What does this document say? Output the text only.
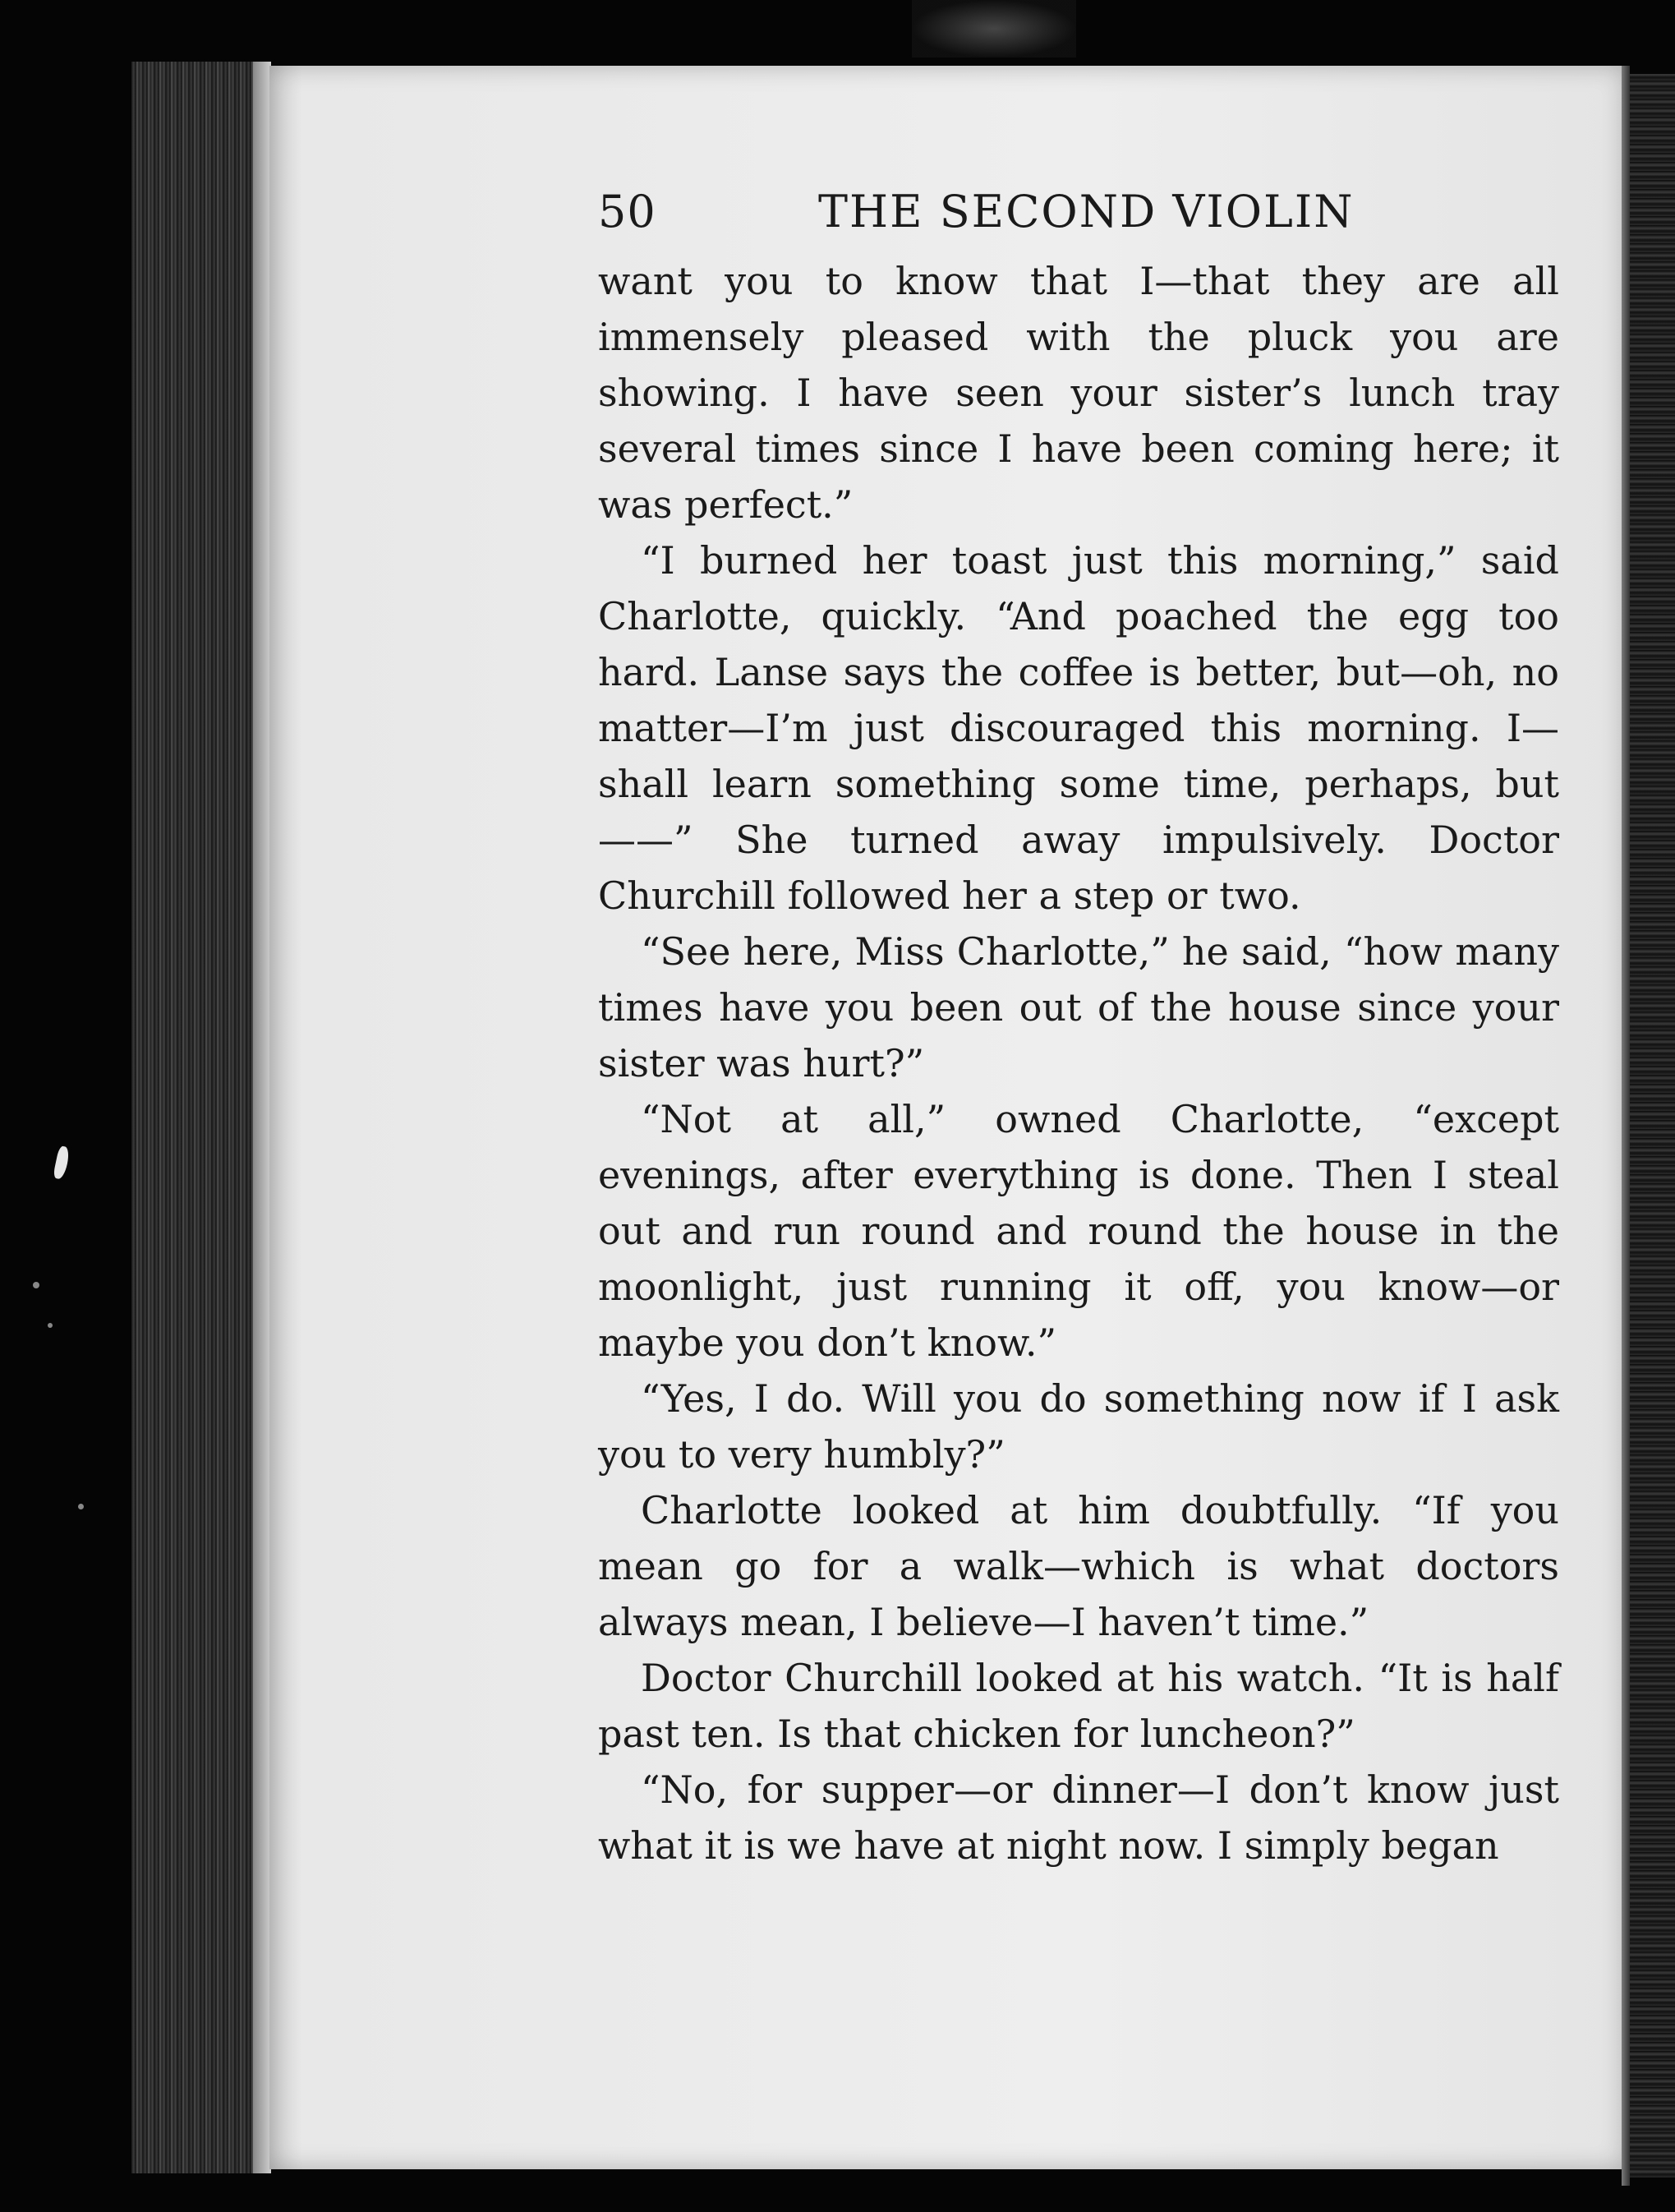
50	THE SECOND VIOLIN

want you to know that I—that they are all immensely pleased with the pluck you are showing. I have seen your sister’s lunch tray several times since I have been coming here; it was perfect.”

“I burned her toast just this morning,” said Charlotte, quickly. “And poached the egg too hard. Lanse says the coffee is better, but—oh, no matter—I’m just discouraged this morning. I—shall learn something some time, perhaps, but——” She turned away impulsively. Doctor Churchill followed her a step or two.

“See here, Miss Charlotte,” he said, “how many times have you been out of the house since your sister was hurt?”

“Not at all,” owned Charlotte, “except evenings, after everything is done. Then I steal out and run round and round the house in the moonlight, just running it off, you know—or maybe you don’t know.”

“Yes, I do. Will you do something now if I ask you to very humbly?”

Charlotte looked at him doubtfully. “If you mean go for a walk—which is what doctors always mean, I believe—I haven’t time.”

Doctor Churchill looked at his watch. “It is half past ten. Is that chicken for luncheon?”

“No, for supper—or dinner—I don’t know just what it is we have at night now. I simply began
